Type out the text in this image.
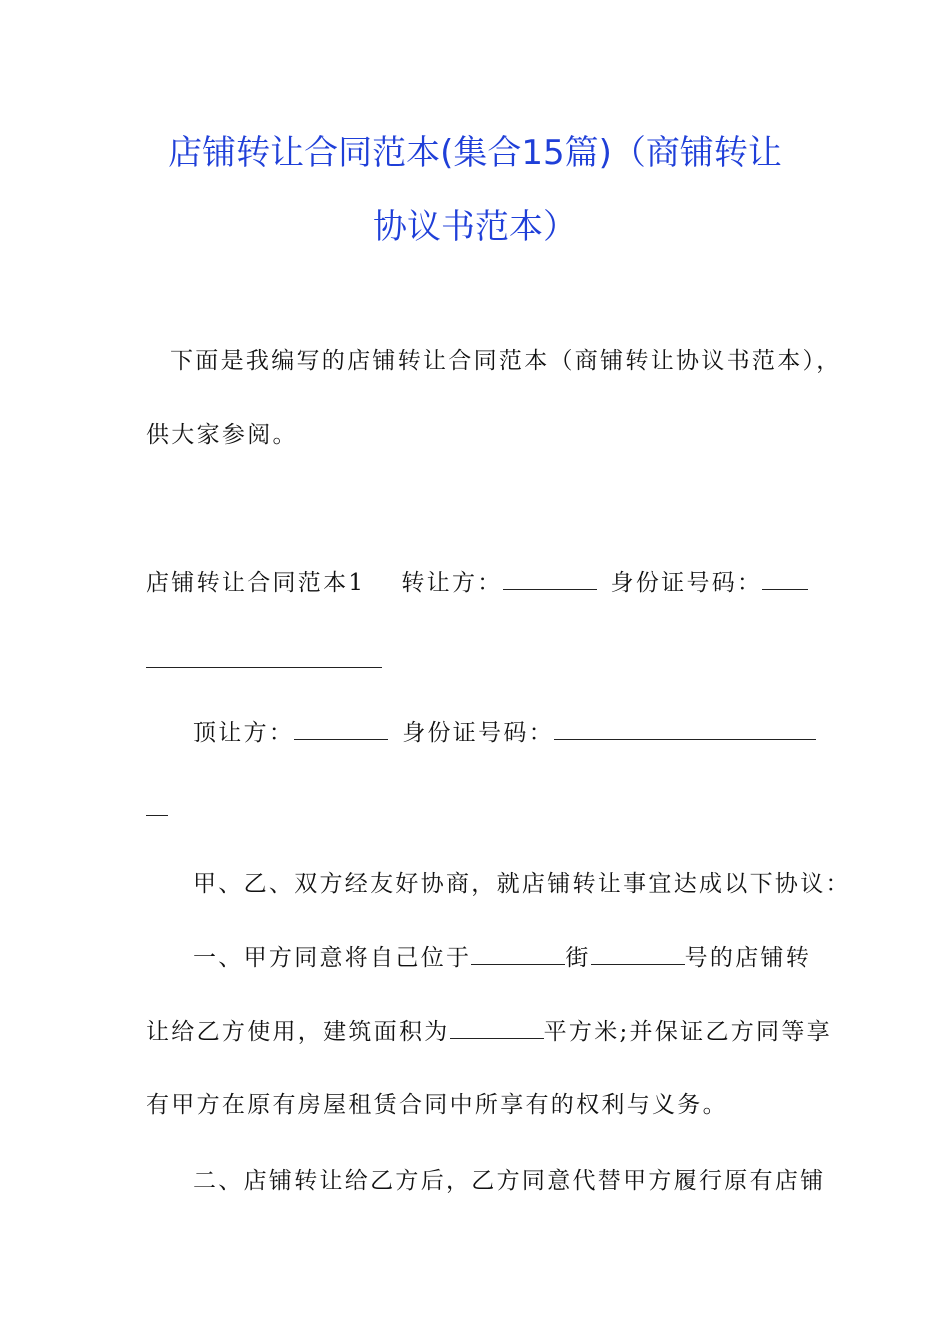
店铺转让合同范本(集合15篇)（商铺转让
协议书范本）
下面是我编写的店铺转让合同范本（商铺转让协议书范本），
供大家参阅。
店铺转让合同范本1 转让方：	身份证号码：
顶让方：	身份证号码：
甲、乙、双方经友好协商，就店铺转让事宜达成以下协议：
一、甲方同意将自己位于	街	号的店铺转
让给乙方使用，建筑面积为	平方米;并保证乙方同等享
有甲方在原有房屋租赁合同中所享有的权利与义务。
二、店铺转让给乙方后，乙方同意代替甲方履行原有店铺
